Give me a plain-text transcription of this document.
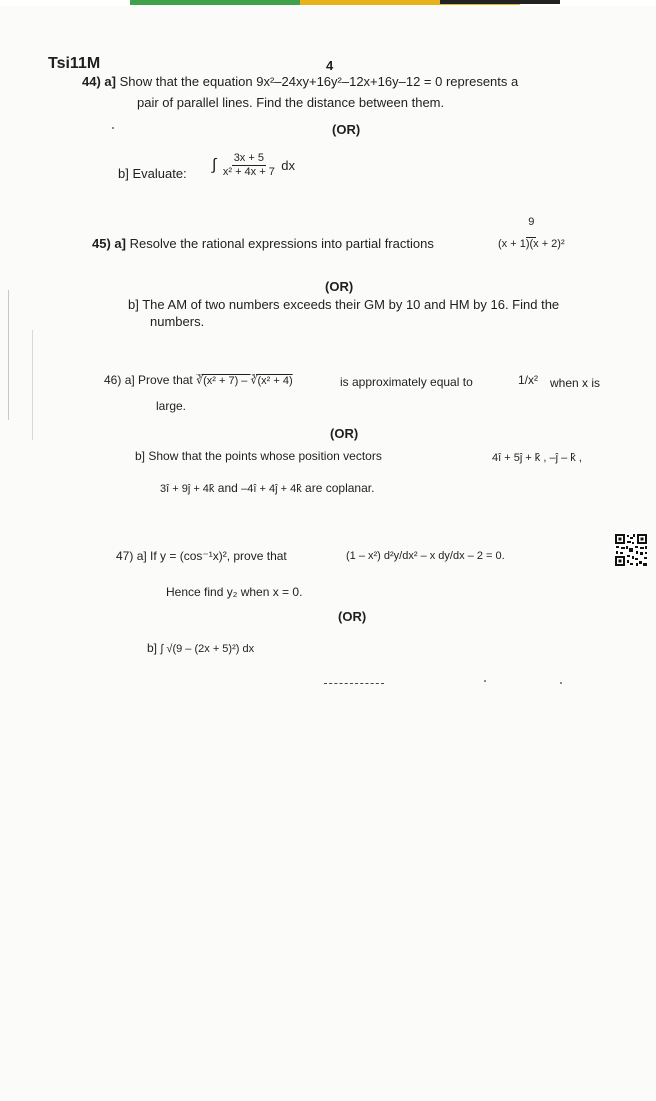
Tsi11M	4
44) a] Show that the equation 9x²–24xy+16y²–12x+16y–12 = 0 represents a
pair of parallel lines. Find the distance between them.
(OR)
b] Evaluate: ∫ $\frac{3x + 5}{\text{x² + 4x + 7}}$ dx
45) a] Resolve the rational expressions into partial fractions	$\frac{9}{\text{(x + 1)(x + 2)²}}$
(OR)
b] The AM of two numbers exceeds their GM by 10 and HM by 16. Find the
numbers.
46) a] Prove that ∛(x² + 7) – ∛(x² + 4)	is approximately equal to	1/x² when x is
large.
(OR)
b] Show that the points whose position vectors	4î + 5ĵ + k̂ , –ĵ – k̂ ,
3î + 9ĵ + 4k̂ and –4î + 4ĵ + 4k̂ are coplanar.
47) a] If y = (cos⁻¹x)², prove that	(1 – x²) d²y/dx² – x dy/dx – 2 = 0.
Hence find y₂ when x = 0.
(OR)
b] ∫ √(9 – (2x + 5)²) dx
